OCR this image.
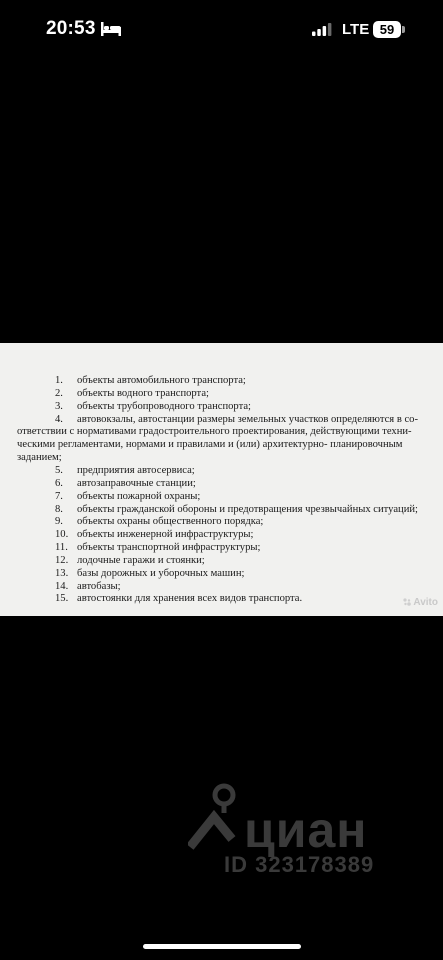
20:53	LTE 59
1. объекты автомобильного транспорта;
2. объекты водного транспорта;
3. объекты трубопроводного транспорта;
4. автовокзалы, автостанции размеры земельных участков определяются в со-
ответствии с нормативами градостроительного проектирования, действующими техни-
ческими регламентами, нормами и правилами и (или) архитектурно- планировочным
заданием;
5. предприятия автосервиса;
6. автозаправочные станции;
7. объекты пожарной охраны;
8. объекты гражданской обороны и предотвращения чрезвычайных ситуаций;
9. объекты охраны общественного порядка;
10. объекты инженерной инфраструктуры;
11. объекты транспортной инфраструктуры;
12. лодочные гаражи и стоянки;
13. базы дорожных и уборочных машин;
14. автобазы;
15. автостоянки для хранения всех видов транспорта.	Avito
циан
ID 323178389
